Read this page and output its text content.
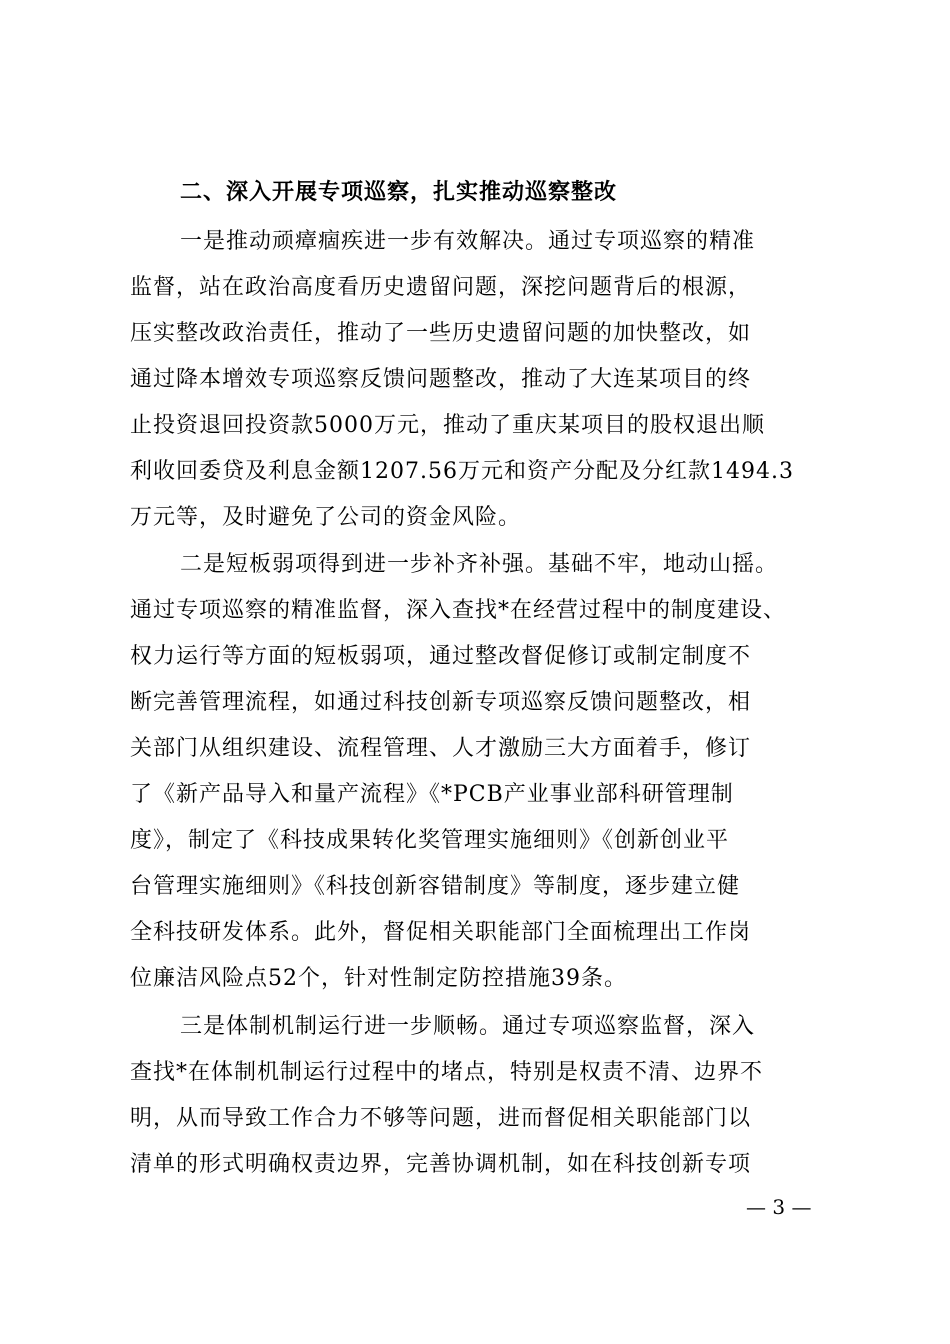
二、深入开展专项巡察，扎实推动巡察整改
一是推动顽瘴痼疾进一步有效解决。通过专项巡察的精准
监督，站在政治高度看历史遗留问题，深挖问题背后的根源，
压实整改政治责任，推动了一些历史遗留问题的加快整改，如
通过降本增效专项巡察反馈问题整改，推动了大连某项目的终
止投资退回投资款5000万元，推动了重庆某项目的股权退出顺
利收回委贷及利息金额1207.56万元和资产分配及分红款1494.3
万元等，及时避免了公司的资金风险。
二是短板弱项得到进一步补齐补强。基础不牢，地动山摇。
通过专项巡察的精准监督，深入查找*在经营过程中的制度建设、
权力运行等方面的短板弱项，通过整改督促修订或制定制度不
断完善管理流程，如通过科技创新专项巡察反馈问题整改，相
关部门从组织建设、流程管理、人才激励三大方面着手，修订
了《新产品导入和量产流程》《*PCB产业事业部科研管理制
度》，制定了《科技成果转化奖管理实施细则》《创新创业平
台管理实施细则》《科技创新容错制度》等制度，逐步建立健
全科技研发体系。此外，督促相关职能部门全面梳理出工作岗
位廉洁风险点52个，针对性制定防控措施39条。
三是体制机制运行进一步顺畅。通过专项巡察监督，深入
查找*在体制机制运行过程中的堵点，特别是权责不清、边界不
明，从而导致工作合力不够等问题，进而督促相关职能部门以
清单的形式明确权责边界，完善协调机制，如在科技创新专项
— 3 —
